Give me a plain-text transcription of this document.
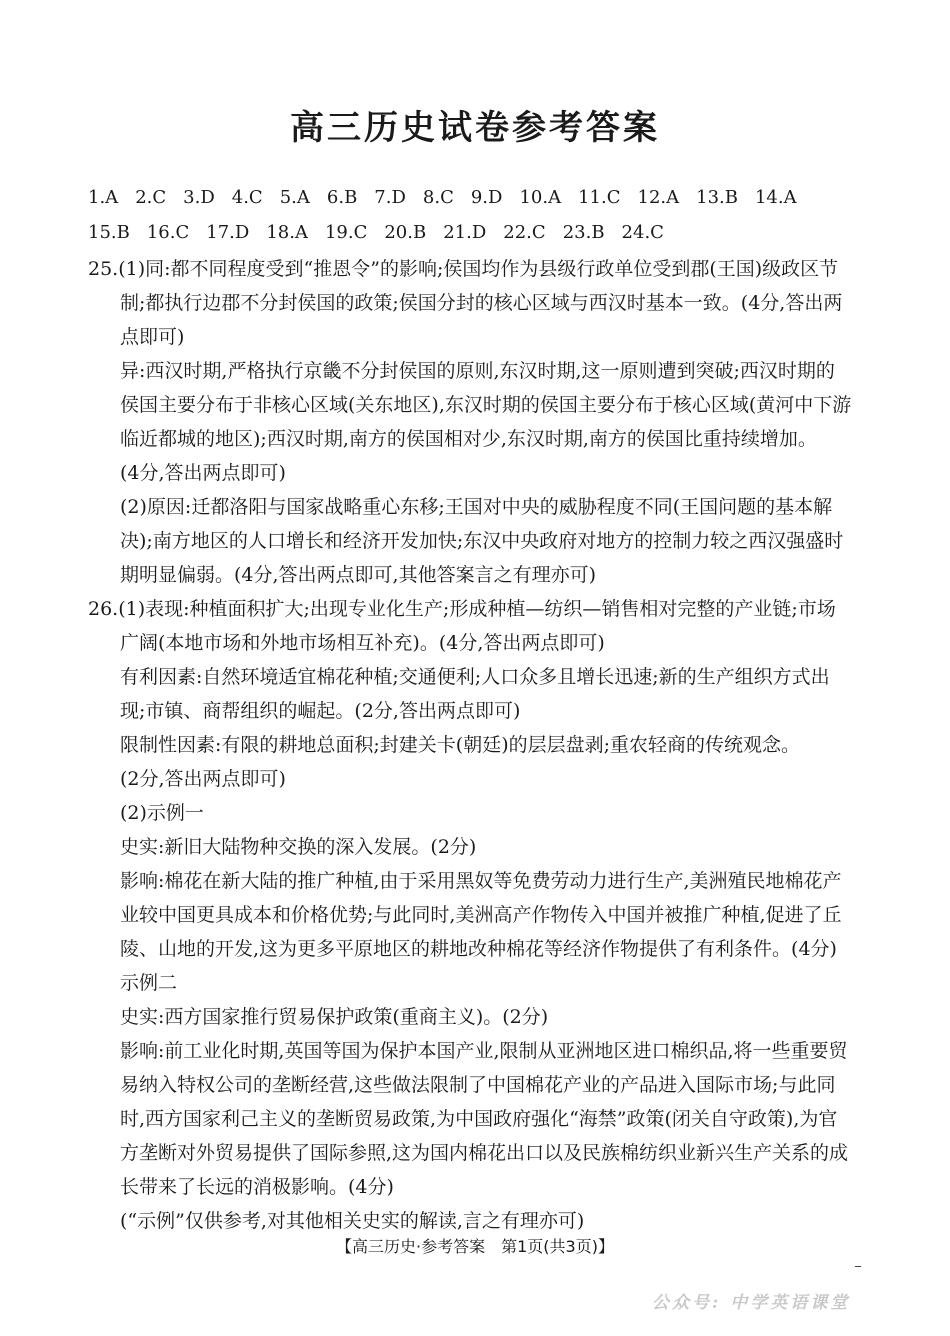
高三历史试卷参考答案
1.A 2.C 3.D 4.C 5.A 6.B 7.D 8.C 9.D 10.A 11.C 12.A 13.B 14.A
15.B 16.C 17.D 18.A 19.C 20.B 21.D 22.C 23.B 24.C
25.(1)同:都不同程度受到“推恩令”的影响;侯国均作为县级行政单位受到郡(王国)级政区节
制;都执行边郡不分封侯国的政策;侯国分封的核心区域与西汉时基本一致。(4分,答出两
点即可)
异:西汉时期,严格执行京畿不分封侯国的原则,东汉时期,这一原则遭到突破;西汉时期的
侯国主要分布于非核心区域(关东地区),东汉时期的侯国主要分布于核心区域(黄河中下游
临近都城的地区);西汉时期,南方的侯国相对少,东汉时期,南方的侯国比重持续增加。
(4分,答出两点即可)
(2)原因:迁都洛阳与国家战略重心东移;王国对中央的威胁程度不同(王国问题的基本解
决);南方地区的人口增长和经济开发加快;东汉中央政府对地方的控制力较之西汉强盛时
期明显偏弱。(4分,答出两点即可,其他答案言之有理亦可)
26.(1)表现:种植面积扩大;出现专业化生产;形成种植—纺织—销售相对完整的产业链;市场
广阔(本地市场和外地市场相互补充)。(4分,答出两点即可)
有利因素:自然环境适宜棉花种植;交通便利;人口众多且增长迅速;新的生产组织方式出
现;市镇、商帮组织的崛起。(2分,答出两点即可)
限制性因素:有限的耕地总面积;封建关卡(朝廷)的层层盘剥;重农轻商的传统观念。
(2分,答出两点即可)
(2)示例一
史实:新旧大陆物种交换的深入发展。(2分)
影响:棉花在新大陆的推广种植,由于采用黑奴等免费劳动力进行生产,美洲殖民地棉花产
业较中国更具成本和价格优势;与此同时,美洲高产作物传入中国并被推广种植,促进了丘
陵、山地的开发,这为更多平原地区的耕地改种棉花等经济作物提供了有利条件。(4分)
示例二
史实:西方国家推行贸易保护政策(重商主义)。(2分)
影响:前工业化时期,英国等国为保护本国产业,限制从亚洲地区进口棉织品,将一些重要贸
易纳入特权公司的垄断经营,这些做法限制了中国棉花产业的产品进入国际市场;与此同
时,西方国家利己主义的垄断贸易政策,为中国政府强化“海禁”政策(闭关自守政策),为官
方垄断对外贸易提供了国际参照,这为国内棉花出口以及民族棉纺织业新兴生产关系的成
长带来了长远的消极影响。(4分)
(“示例”仅供参考,对其他相关史实的解读,言之有理亦可)
【高三历史·参考答案　第1页(共3页)】
公众号: 中学英语课堂
